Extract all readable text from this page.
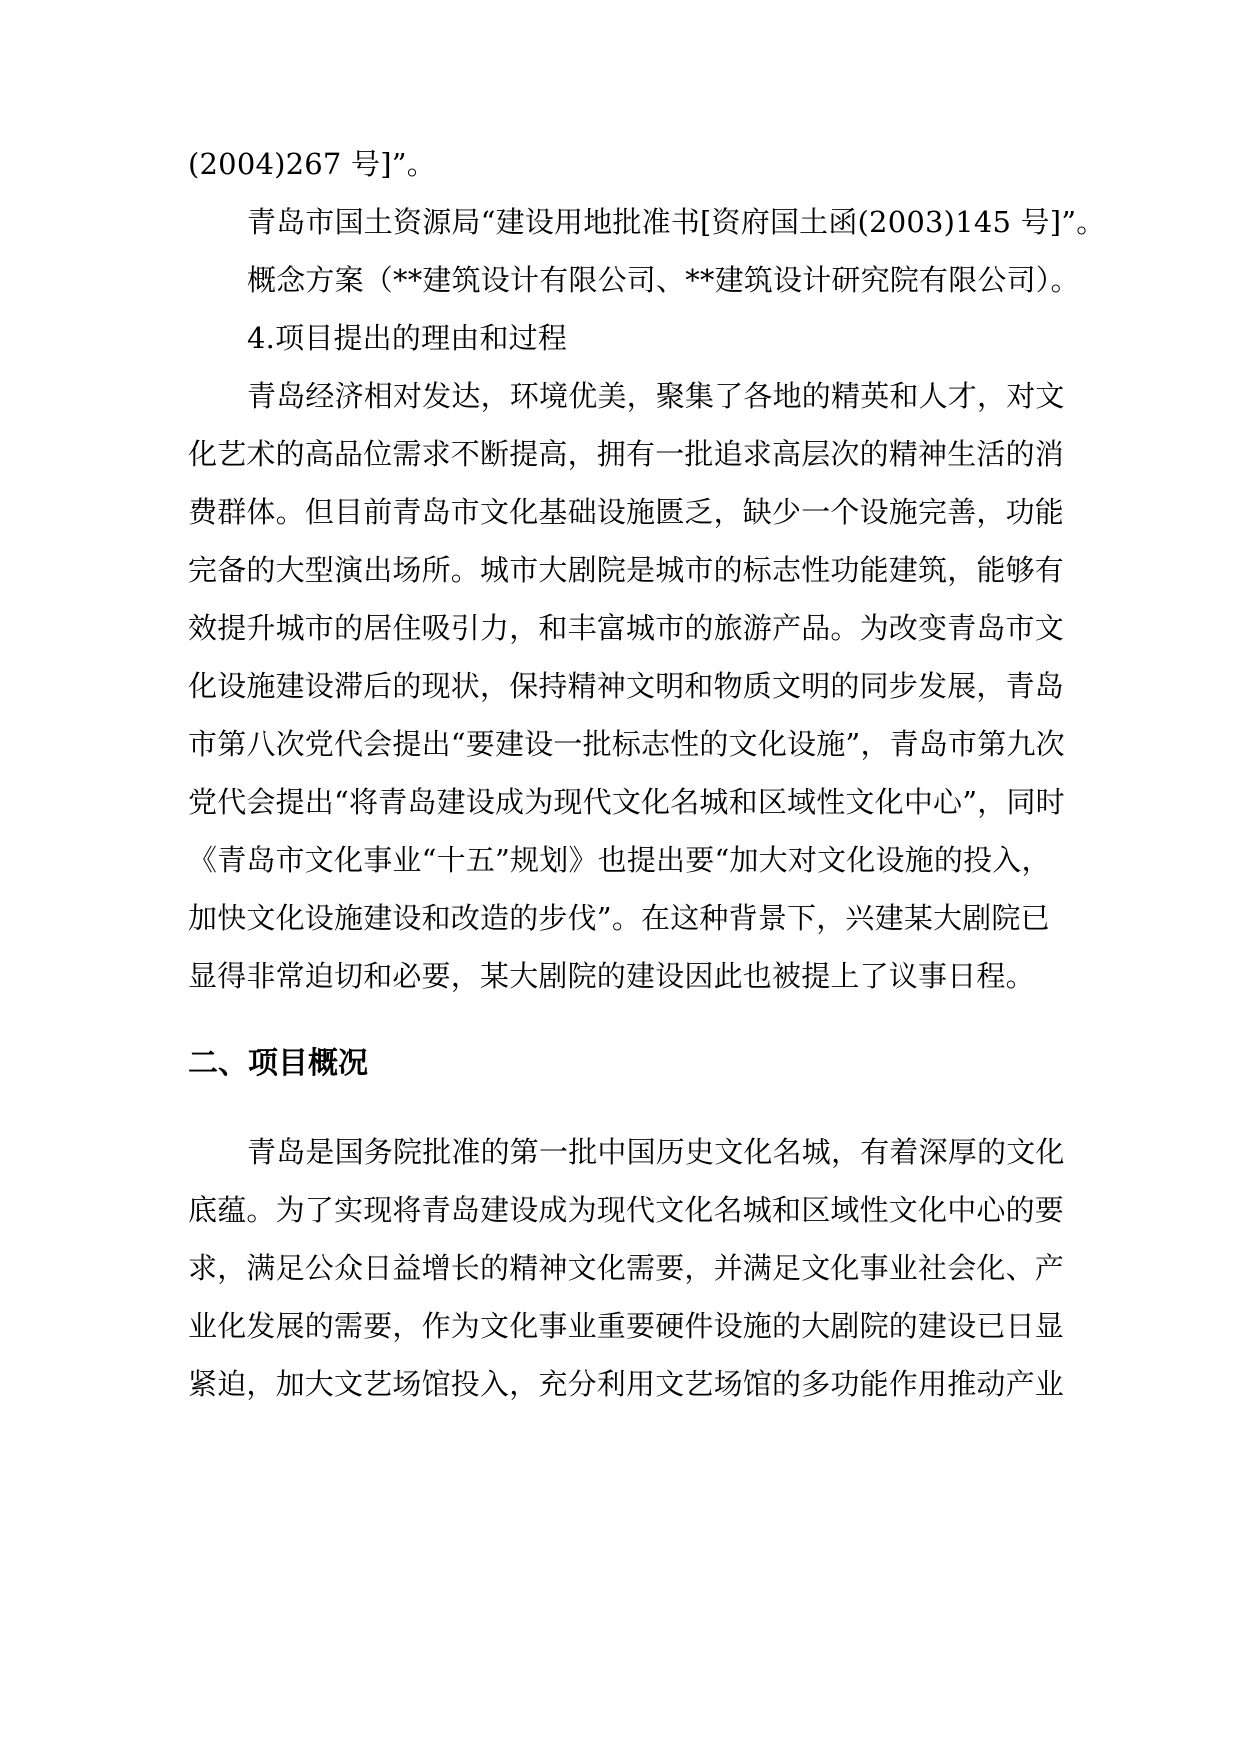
(2004)267 号]”。

青岛市国土资源局“建设用地批准书[资府国土函(2003)145 号]”。

概念方案（**建筑设计有限公司、**建筑设计研究院有限公司）。

4.项目提出的理由和过程

青岛经济相对发达，环境优美，聚集了各地的精英和人才，对文

化艺术的高品位需求不断提高，拥有一批追求高层次的精神生活的消

费群体。但目前青岛市文化基础设施匮乏，缺少一个设施完善，功能

完备的大型演出场所。城市大剧院是城市的标志性功能建筑，能够有

效提升城市的居住吸引力，和丰富城市的旅游产品。为改变青岛市文

化设施建设滞后的现状，保持精神文明和物质文明的同步发展，青岛

市第八次党代会提出“要建设一批标志性的文化设施”，青岛市第九次

党代会提出“将青岛建设成为现代文化名城和区域性文化中心”，同时

《青岛市文化事业“十五”规划》也提出要“加大对文化设施的投入，

加快文化设施建设和改造的步伐”。在这种背景下，兴建某大剧院已

显得非常迫切和必要，某大剧院的建设因此也被提上了议事日程。

二、项目概况

青岛是国务院批准的第一批中国历史文化名城，有着深厚的文化

底蕴。为了实现将青岛建设成为现代文化名城和区域性文化中心的要

求，满足公众日益增长的精神文化需要，并满足文化事业社会化、产

业化发展的需要，作为文化事业重要硬件设施的大剧院的建设已日显

紧迫，加大文艺场馆投入，充分利用文艺场馆的多功能作用推动产业
